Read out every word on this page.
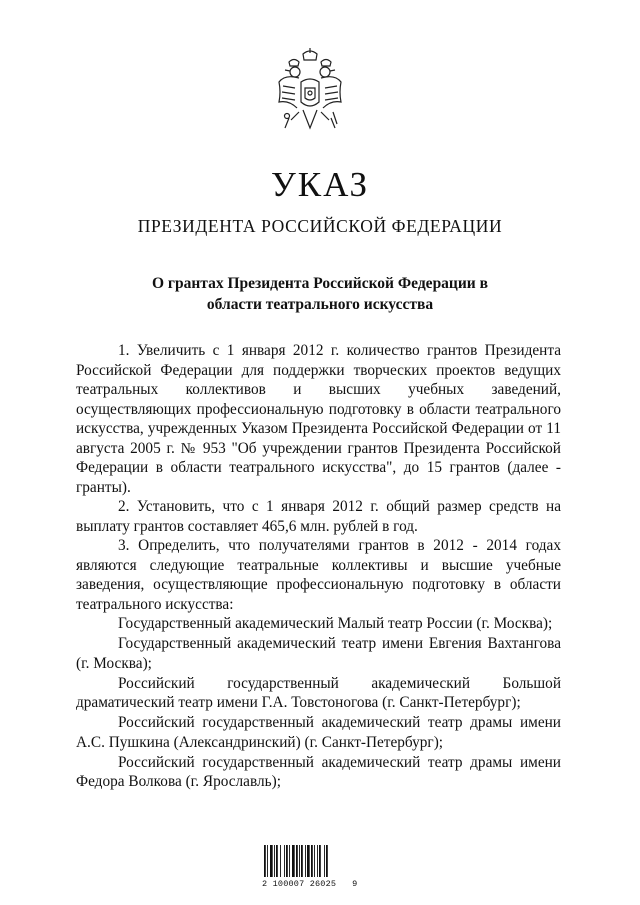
УКАЗ
ПРЕЗИДЕНТА РОССИЙСКОЙ ФЕДЕРАЦИИ
О грантах Президента Российской Федерации в
области театрального искусства

1. Увеличить с 1 января 2012 г. количество грантов Президента Российской Федерации для поддержки творческих проектов ведущих театральных коллективов и высших учебных заведений, осуществляющих профессиональную подготовку в области театрального искусства, учрежденных Указом Президента Российской Федерации от 11 августа 2005 г. № 953 "Об учреждении грантов Президента Российской Федерации в области театрального искусства", до 15 грантов (далее - гранты).

2. Установить, что с 1 января 2012 г. общий размер средств на выплату грантов составляет 465,6 млн. рублей в год.

3. Определить, что получателями грантов в 2012 - 2014 годах являются следующие театральные коллективы и высшие учебные заведения, осуществляющие профессиональную подготовку в области театрального искусства:

Государственный академический Малый театр России (г. Москва);

Государственный академический театр имени Евгения Вахтангова (г. Москва);

Российский государственный академический Большой драматический театр имени Г.А. Товстоногова (г. Санкт-Петербург);

Российский государственный академический театр драмы имени А.С. Пушкина (Александринский) (г. Санкт-Петербург);

Российский государственный академический театр драмы имени Федора Волкова (г. Ярославль);

2 100007 26025   9
